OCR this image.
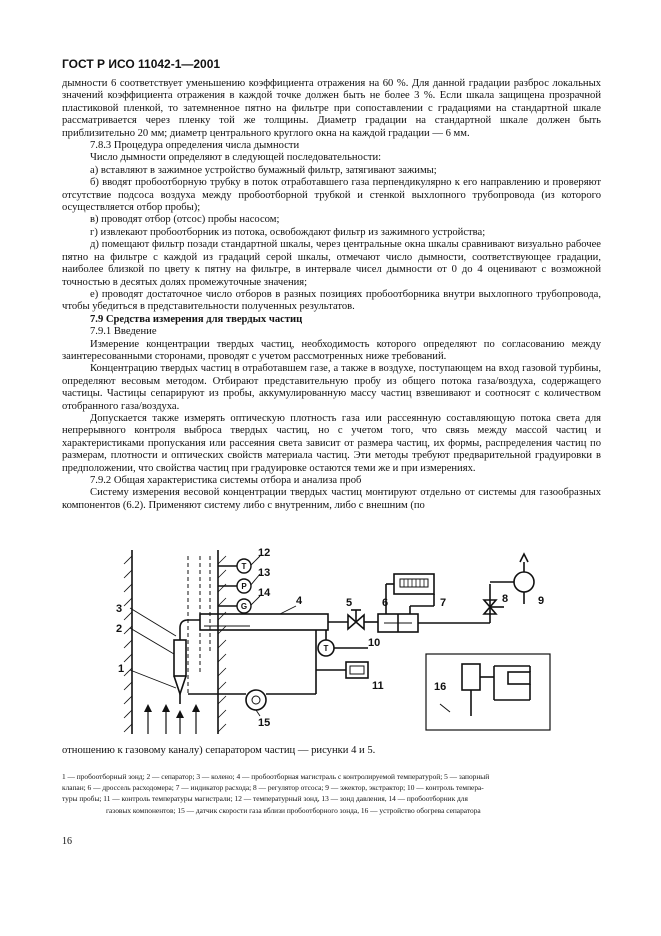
ГОСТ Р ИСО 11042-1—2001

дымности 6 соответствует уменьшению коэффициента отражения на 60 %. Для данной градации разброс локальных значений коэффициента отражения в каждой точке должен быть не более 3 %. Если шкала защищена прозрачной пластиковой пленкой, то затемненное пятно на фильтре при сопоставлении с градациями на стандартной шкале рассматривается через пленку той же толщины. Диаметр градации на стандартной шкале должен быть приблизительно 20 мм; диаметр центрального круглого окна на каждой градации — 6 мм.

7.8.3 Процедура определения числа дымности

Число дымности определяют в следующей последовательности:

а) вставляют в зажимное устройство бумажный фильтр, затягивают зажимы;

б) вводят пробоотборную трубку в поток отработавшего газа перпендикулярно к его направлению и проверяют отсутствие подсоса воздуха между пробоотборной трубкой и стенкой выхлопного трубопровода (из которого осуществляется отбор пробы);

в) проводят отбор (отсос) пробы насосом;

г) извлекают пробоотборник из потока, освобождают фильтр из зажимного устройства;

д) помещают фильтр позади стандартной шкалы, через центральные окна шкалы сравнивают визуально рабочее пятно на фильтре с каждой из градаций серой шкалы, отмечают число дымности, соответствующее градации, наиболее близкой по цвету к пятну на фильтре, в интервале чисел дымности от 0 до 4 оценивают с возможной точностью в десятых долях промежуточные значения;

е) проводят достаточное число отборов в разных позициях пробоотборника внутри выхлопного трубопровода, чтобы убедиться в представительности полученных результатов.

7.9 Средства измерения для твердых частиц

7.9.1 Введение

Измерение концентрации твердых частиц, необходимость которого определяют по согласованию между заинтересованными сторонами, проводят с учетом рассмотренных ниже требований.

Концентрацию твердых частиц в отработавшем газе, а также в воздухе, поступающем на вход газовой турбины, определяют весовым методом. Отбирают представительную пробу из общего потока газа/воздуха, содержащего частицы. Частицы сепарируют из пробы, аккумулированную массу частиц взвешивают и соотносят с количеством отобранного газа/воздуха.

Допускается также измерять оптическую плотность газа или рассеянную составляющую потока света для непрерывного контроля выброса твердых частиц, но с учетом того, что связь между массой частиц и характеристиками пропускания или рассеяния света зависит от размера частиц, их формы, распределения частиц по размерам, плотности и оптических свойств материала частиц. Эти методы требуют предварительной градуировки в предположении, что свойства частиц при градуировке остаются теми же и при измерениях.

7.9.2 Общая характеристика системы отбора и анализа проб

Систему измерения весовой концентрации твердых частиц монтируют отдельно от системы для газообразных компонентов (6.2). Применяют систему либо с внутренним, либо с внешним (по

T
P
G
T
1
2
3
4	5	6	7	8	9
10
11
12
13
14
15
16
отношению к газовому каналу) сепаратором частиц — рисунки 4 и 5.

1 — пробоотборный зонд; 2 — сепаратор; 3 — колено; 4 — пробоотборная магистраль с контролируемой температурой; 5 — запорный

клапан; 6 — дроссель расходомера; 7 — индикатор расхода; 8 — регулятор отсоса; 9 — эжектор, экстрактор; 10 — контроль темпера-

туры пробы; 11 — контроль температуры магистрали; 12 — температурный зонд, 13 — зонд давления, 14 — пробоотборник для

газовых компонентов; 15 — датчик скорости газа вблизи пробоотборного зонда, 16 — устройство обогрева сепаратора

16
